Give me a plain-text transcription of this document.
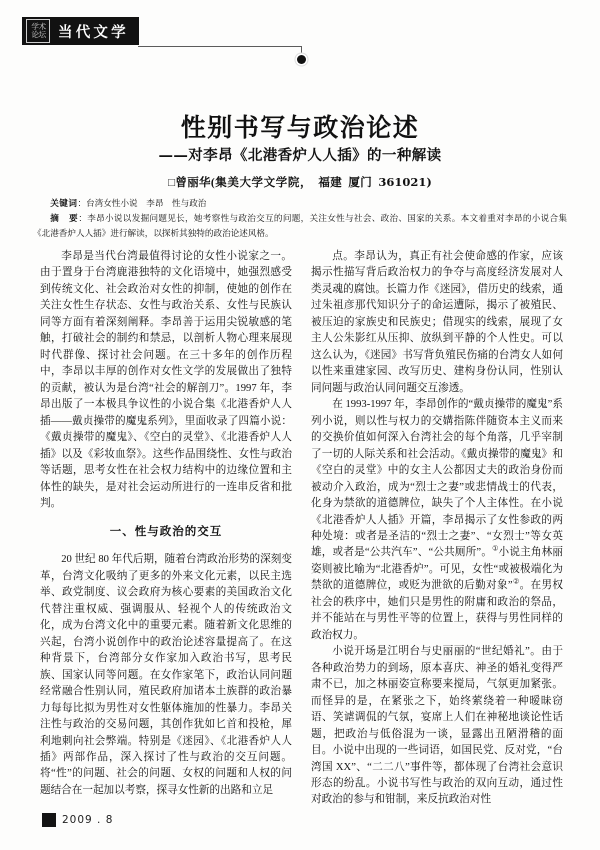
学术
论坛 当代文学
性别书写与政治论述
——对李昂《北港香炉人人插》的一种解读
□曾丽华(集美大学文学院， 福建 厦门 361021)

关键词：台湾女性小说　李昂　性与政治

摘　要：李昂小说以发掘问题见长，她考察性与政治交互的问题，关注女性与社会、政治、国家的关系。本文着重对李昂的小说合集《北港香炉人人插》进行解读，以探析其独特的政治论述风格。

李昂是当代台湾最值得讨论的女性小说家之一。由于置身于台湾鹿港独特的文化语境中，她强烈感受到传统文化、社会政治对女性的抑制，使她的创作在关注女性生存状态、女性与政治关系、女性与民族认同等方面有着深刻阐释。李昂善于运用尖锐敏感的笔触，打破社会的制约和禁忌，以剖析人物心理来展现时代群像、探讨社会问题。在三十多年的创作历程中，李昂以丰厚的创作对女性文学的发展做出了独特的贡献，被认为是台湾“社会的解剖刀”。1997 年，李昂出版了一本极具争议性的小说合集《北港香炉人人插——戴贞操带的魔鬼系列》，里面收录了四篇小说：《戴贞操带的魔鬼》、《空白的灵堂》、《北港香炉人人插》以及《彩妆血祭》。这些作品围绕性、女性与政治等话题，思考女性在社会权力结构中的边缘位置和主体性的缺失，是对社会运动所进行的一连串反省和批判。

一、性与政治的交互

20 世纪 80 年代后期，随着台湾政治形势的深刻变革，台湾文化吸纳了更多的外来文化元素，以民主选举、政党制度、议会政府为核心要素的美国政治文化代替注重权威、强调服从、轻视个人的传统政治文化，成为台湾文化中的重要元素。随着新文化思维的兴起，台湾小说创作中的政治论述容量提高了。在这种背景下，台湾部分女作家加入政治书写，思考民族、国家认同等问题。在女作家笔下，政治认同问题经常融合性别认同，殖民政府加诸本土族群的政治暴力每每比拟为男性对女性躯体施加的性暴力。李昂关注性与政治的交易问题，其创作犹如匕首和投枪，犀利地刺向社会弊端。特别是《迷园》、《北港香炉人人插》两部作品，深入探讨了性与政治的交互问题。将“性”的问题、社会的问题、女权的问题和人权的问题结合在一起加以考察，探寻女性新的出路和立足

点。李昂认为，真正有社会使命感的作家，应该揭示性描写背后政治权力的争夺与高度经济发展对人类灵魂的腐蚀。长篇力作《迷园》，借历史的线索，通过朱祖彦那代知识分子的命运遭际，揭示了被殖民、被压迫的家族史和民族史；借现实的线索，展现了女主人公朱影红从压抑、放纵到平静的个人性史。可以这么认为，《迷园》书写背负殖民伤痛的台湾女人如何以性来重建家园、改写历史、建构身份认同，性别认同问题与政治认同问题交互渗透。

在 1993-1997 年，李昂创作的“戴贞操带的魔鬼”系列小说，则以性与权力的交媾指陈伴随资本主义而来的交换价值如何深入台湾社会的每个角落，几乎宰制了一切的人际关系和社会活动。《戴贞操带的魔鬼》和《空白的灵堂》中的女主人公都因丈夫的政治身份而被动介入政治，成为“烈士之妻”或悲情战士的代表，化身为禁欲的道德牌位，缺失了个人主体性。在小说《北港香炉人人插》开篇，李昂揭示了女性参政的两种处境：或者是圣洁的“烈士之妻”、“女烈士”等女英雄，或者是“公共汽车”、“公共厕所”。①小说主角林丽姿则被比喻为“北港香炉”。可见，女性“或被极端化为禁欲的道德牌位，或贬为泄欲的后勤对象”②。在男权社会的秩序中，她们只是男性的附庸和政治的祭品，并不能站在与男性平等的位置上，获得与男性同样的政治权力。

小说开场是江明台与史丽丽的“世纪婚礼”。由于各种政治势力的到场，原本喜庆、神圣的婚礼变得严肃不已，加之林丽姿宣称要来搅局，气氛更加紧张。而怪异的是，在紧张之下，始终萦绕着一种暧昧窃语、笑谑调侃的气氛，宴席上人们在神秘地谈论性话题，把政治与低俗混为一谈，显露出丑陋滑稽的面目。小说中出现的一些词语，如国民党、反对党，“台湾国 XX”、“二二八”事件等，都体现了台湾社会意识形态的纷乱。小说书写性与政治的双向互动，通过性对政治的参与和钳制，来反抗政治对性

2009 . 8
